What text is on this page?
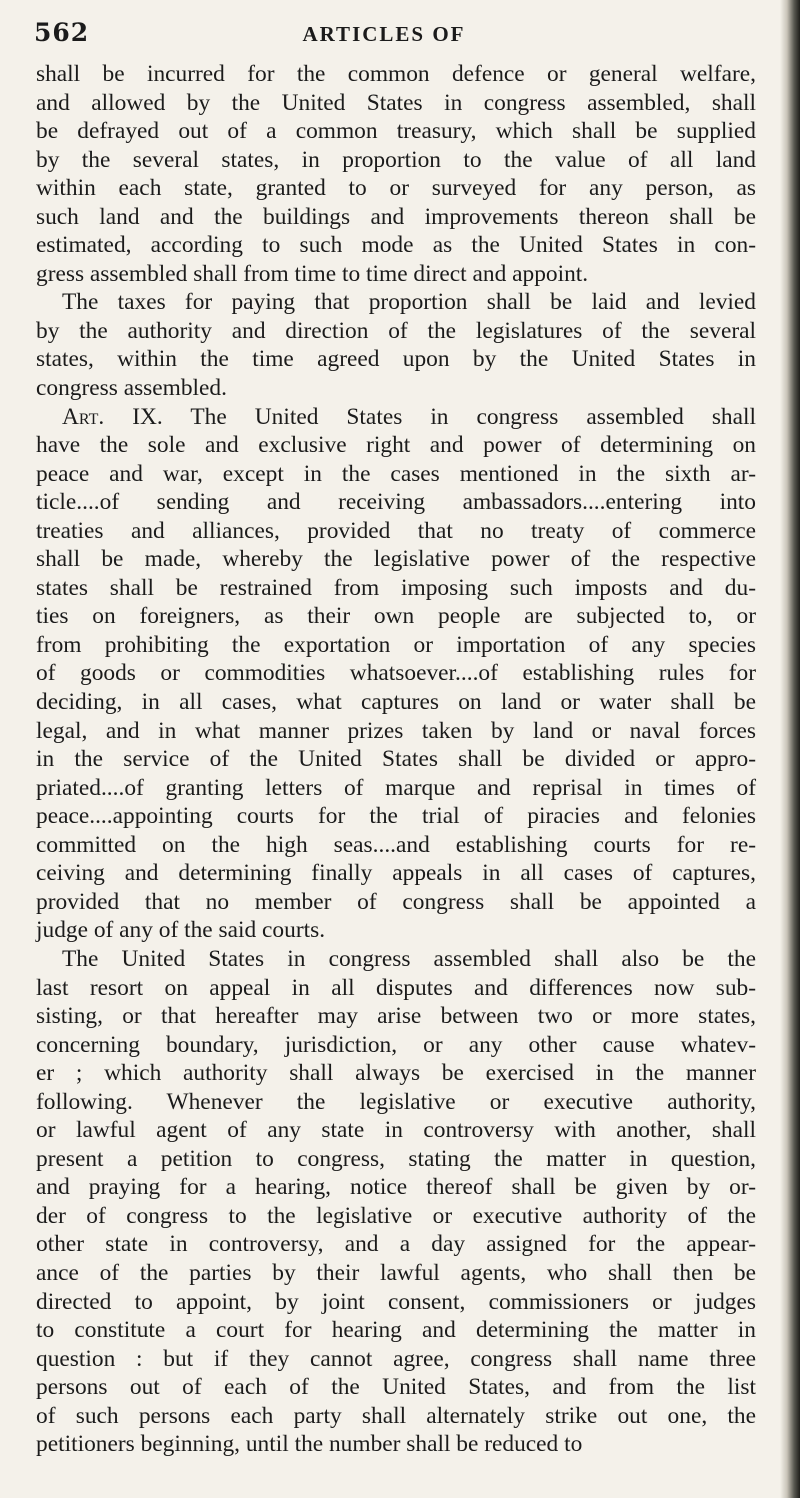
562	ARTICLES OF

shall be incurred for the common defence or general welfare,

and allowed by the United States in congress assembled, shall

be defrayed out of a common treasury, which shall be supplied

by the several states, in proportion to the value of all land

within each state, granted to or surveyed for any person, as

such land and the buildings and improvements thereon shall be

estimated, according to such mode as the United States in con-

gress assembled shall from time to time direct and appoint.

The taxes for paying that proportion shall be laid and levied

by the authority and direction of the legislatures of the several

states, within the time agreed upon by the United States in

congress assembled.

Art. IX. The United States in congress assembled shall

have the sole and exclusive right and power of determining on

peace and war, except in the cases mentioned in the sixth ar-

ticle....of sending and receiving ambassadors....entering into

treaties and alliances, provided that no treaty of commerce

shall be made, whereby the legislative power of the respective

states shall be restrained from imposing such imposts and du-

ties on foreigners, as their own people are subjected to, or

from prohibiting the exportation or importation of any species

of goods or commodities whatsoever....of establishing rules for

deciding, in all cases, what captures on land or water shall be

legal, and in what manner prizes taken by land or naval forces

in the service of the United States shall be divided or appro-

priated....of granting letters of marque and reprisal in times of

peace....appointing courts for the trial of piracies and felonies

committed on the high seas....and establishing courts for re-

ceiving and determining finally appeals in all cases of captures,

provided that no member of congress shall be appointed a

judge of any of the said courts.

The United States in congress assembled shall also be the

last resort on appeal in all disputes and differences now sub-

sisting, or that hereafter may arise between two or more states,

concerning boundary, jurisdiction, or any other cause whatev-

er ; which authority shall always be exercised in the manner

following. Whenever the legislative or executive authority,

or lawful agent of any state in controversy with another, shall

present a petition to congress, stating the matter in question,

and praying for a hearing, notice thereof shall be given by or-

der of congress to the legislative or executive authority of the

other state in controversy, and a day assigned for the appear-

ance of the parties by their lawful agents, who shall then be

directed to appoint, by joint consent, commissioners or judges

to constitute a court for hearing and determining the matter in

question : but if they cannot agree, congress shall name three

persons out of each of the United States, and from the list

of such persons each party shall alternately strike out one, the

petitioners beginning, until the number shall be reduced to
